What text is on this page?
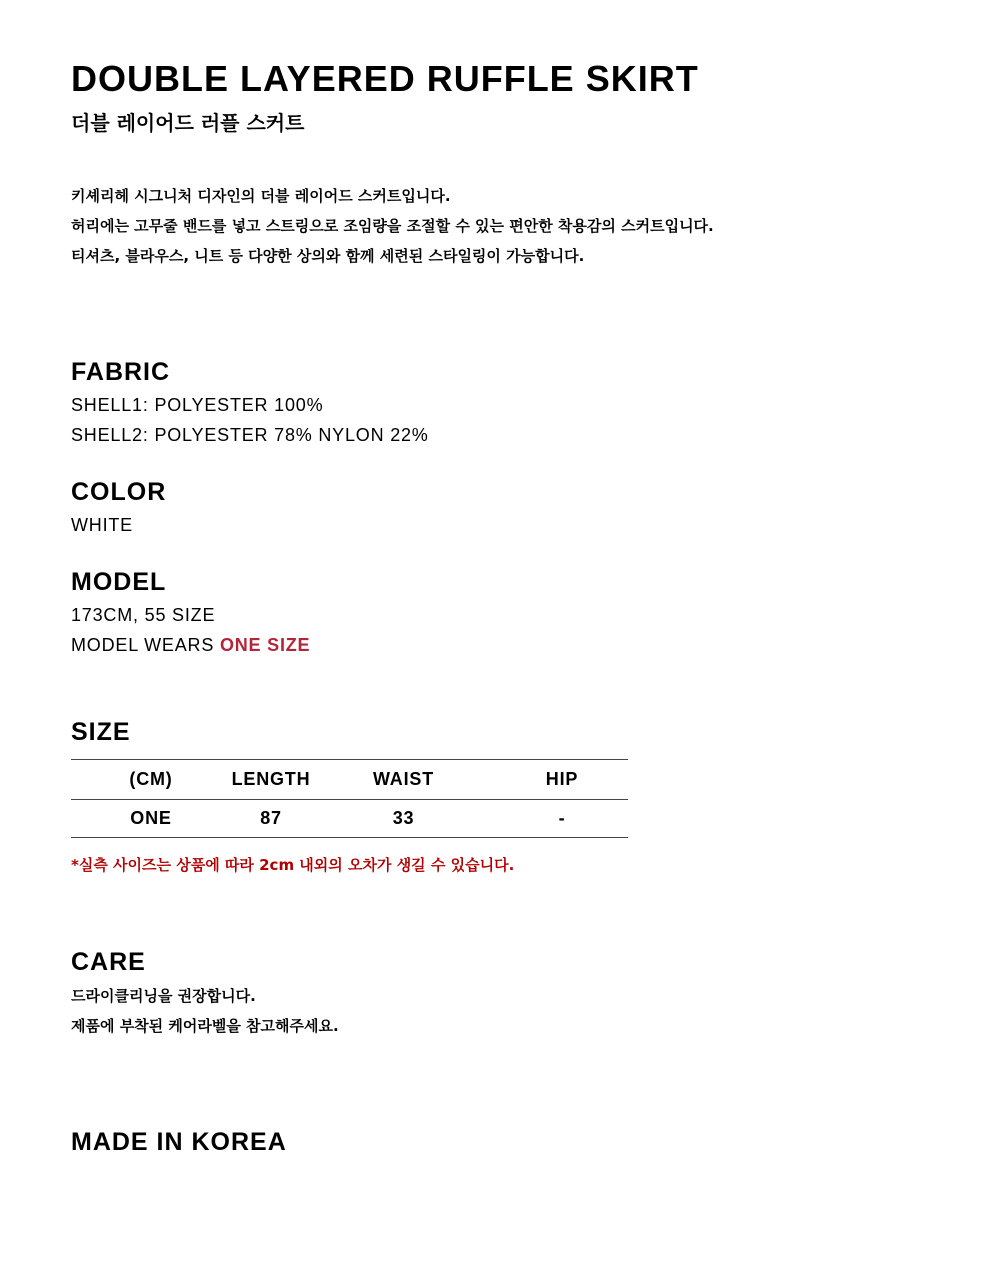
DOUBLE LAYERED RUFFLE SKIRT
더블 레이어드 러플 스커트
키셰리헤 시그니처 디자인의 더블 레이어드 스커트입니다.
허리에는 고무줄 밴드를 넣고 스트링으로 조임량을 조절할 수 있는 편안한 착용감의 스커트입니다.
티셔츠, 블라우스, 니트 등 다양한 상의와 함께 세련된 스타일링이 가능합니다.
FABRIC
SHELL1: POLYESTER 100%
SHELL2: POLYESTER 78% NYLON 22%
COLOR
WHITE
MODEL
173CM, 55 SIZE
MODEL WEARS ONE SIZE
SIZE
(CM)	LENGTH	WAIST	HIP
ONE	87	33	-
*실측 사이즈는 상품에 따라 2cm 내외의 오차가 생길 수 있습니다.
CARE
드라이클리닝을 권장합니다.
제품에 부착된 케어라벨을 참고해주세요.
MADE IN KOREA
